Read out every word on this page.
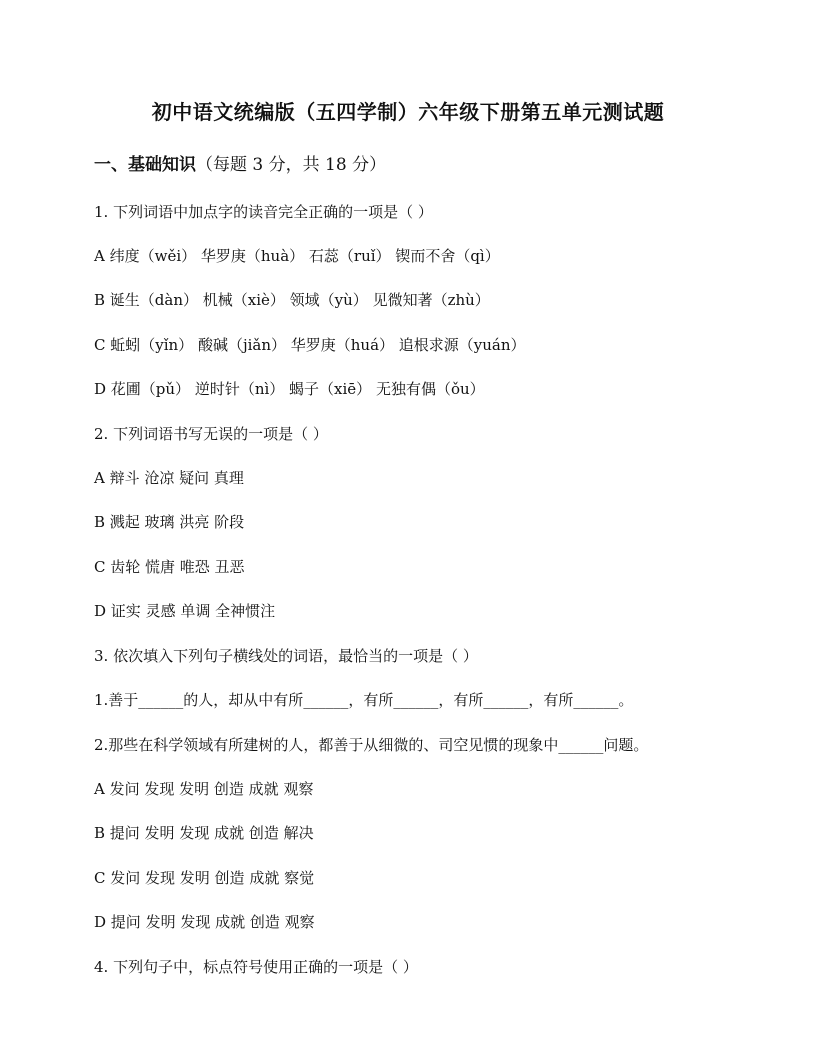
初中语文统编版（五四学制）六年级下册第五单元测试题
一、基础知识（每题 3 分，共 18 分）
1. 下列词语中加点字的读音完全正确的一项是（ ）
A 纬度（wěi） 华罗庚（huà） 石蕊（ruǐ） 锲而不舍（qì）
B 诞生（dàn） 机械（xiè） 领域（yù） 见微知著（zhù）
C 蚯蚓（yǐn） 酸碱（jiǎn） 华罗庚（huá） 追根求源（yuán）
D 花圃（pǔ） 逆时针（nì） 蝎子（xiē） 无独有偶（ǒu）
2. 下列词语书写无误的一项是（ ）
A 辩斗 沧凉 疑问 真理
B 溅起 玻璃 洪亮 阶段
C 齿轮 慌唐 唯恐 丑恶
D 证实 灵感 单调 全神惯注
3. 依次填入下列句子横线处的词语，最恰当的一项是（ ）
1.善于______的人，却从中有所______，有所______，有所______，有所______。
2.那些在科学领域有所建树的人，都善于从细微的、司空见惯的现象中______问题。
A 发问 发现 发明 创造 成就 观察
B 提问 发明 发现 成就 创造 解决
C 发问 发现 发明 创造 成就 察觉
D 提问 发明 发现 成就 创造 观察
4. 下列句子中，标点符号使用正确的一项是（ ）
